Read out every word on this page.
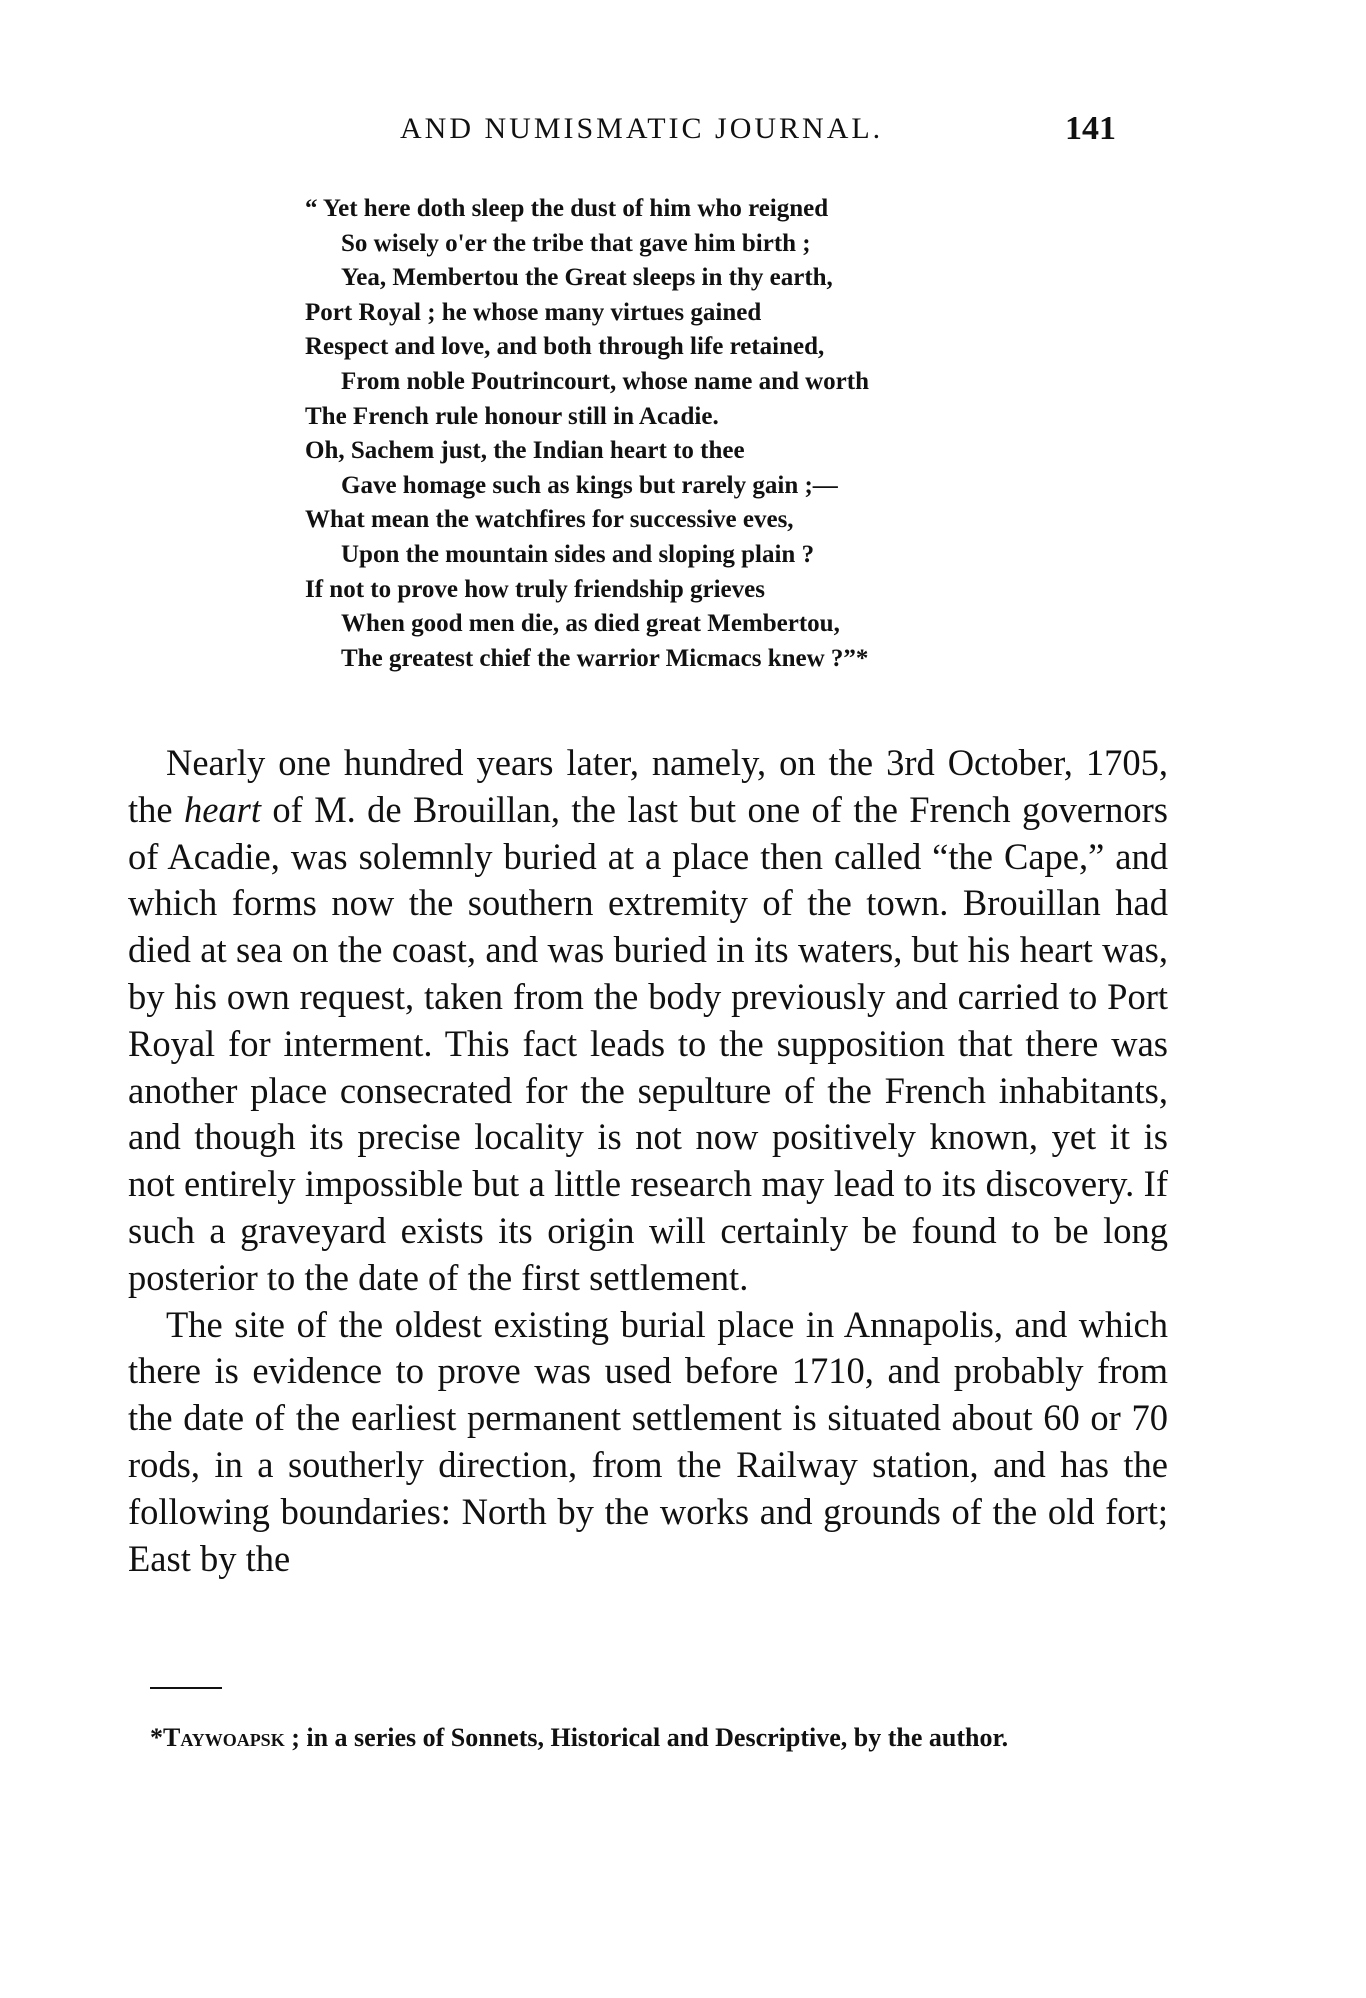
AND NUMISMATIC JOURNAL.	141
“ Yet here doth sleep the dust of him who reigned
So wisely o'er the tribe that gave him birth ;
Yea, Membertou the Great sleeps in thy earth,
Port Royal ; he whose many virtues gained
Respect and love, and both through life retained,
From noble Poutrincourt, whose name and worth
The French rule honour still in Acadie.
Oh, Sachem just, the Indian heart to thee
Gave homage such as kings but rarely gain ;—
What mean the watchfires for successive eves,
Upon the mountain sides and sloping plain ?
If not to prove how truly friendship grieves
When good men die, as died great Membertou,
The greatest chief the warrior Micmacs knew ?”*

Nearly one hundred years later, namely, on the 3rd October, 1705, the heart of M. de Brouillan, the last but one of the French governors of Acadie, was solemnly buried at a place then called “the Cape,” and which forms now the southern extremity of the town. Brouillan had died at sea on the coast, and was buried in its waters, but his heart was, by his own request, taken from the body previously and carried to Port Royal for interment. This fact leads to the supposition that there was another place consecrated for the sepulture of the French inhabitants, and though its precise locality is not now positively known, yet it is not entirely impossible but a little research may lead to its discovery. If such a graveyard exists its origin will certainly be found to be long posterior to the date of the first settlement.

The site of the oldest existing burial place in Annapolis, and which there is evidence to prove was used before 1710, and probably from the date of the earliest permanent settlement is situated about 60 or 70 rods, in a southerly direction, from the Railway station, and has the following boundaries: North by the works and grounds of the old fort; East by the

*Taywoapsk ; in a series of Sonnets, Historical and Descriptive, by the author.
